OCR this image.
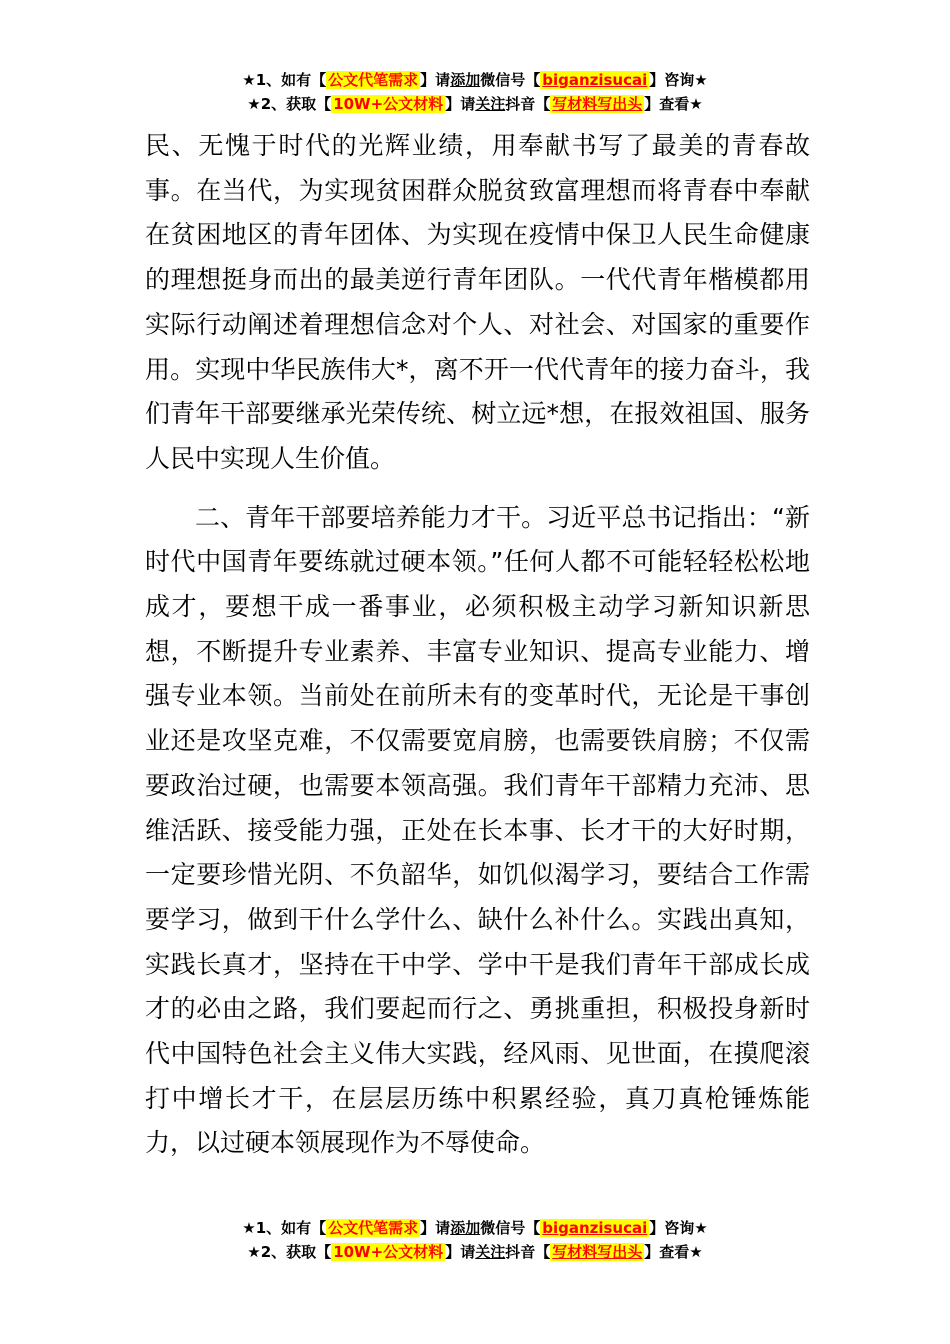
★1、如有【 公文代笔需求 】请添加微信号【 biganzisucai 】咨询★
★2、获取【 10W+公文材料 】请关注抖音【 写材料写出头 】查看★

民、无愧于时代的光辉业绩，用奉献书写了最美的青春故事。在当代，为实现贫困群众脱贫致富理想而将青春中奉献在贫困地区的青年团体、为实现在疫情中保卫人民生命健康的理想挺身而出的最美逆行青年团队。一代代青年楷模都用实际行动阐述着理想信念对个人、对社会、对国家的重要作用。实现中华民族伟大*，离不开一代代青年的接力奋斗，我们青年干部要继承光荣传统、树立远*想，在报效祖国、服务人民中实现人生价值。

二、青年干部要培养能力才干。习近平总书记指出：“新时代中国青年要练就过硬本领。”任何人都不可能轻轻松松地成才，要想干成一番事业，必须积极主动学习新知识新思想，不断提升专业素养、丰富专业知识、提高专业能力、增强专业本领。当前处在前所未有的变革时代，无论是干事创业还是攻坚克难，不仅需要宽肩膀，也需要铁肩膀；不仅需要政治过硬，也需要本领高强。我们青年干部精力充沛、思维活跃、接受能力强，正处在长本事、长才干的大好时期，一定要珍惜光阴、不负韶华，如饥似渴学习，要结合工作需要学习，做到干什么学什么、缺什么补什么。实践出真知，实践长真才，坚持在干中学、学中干是我们青年干部成长成才的必由之路，我们要起而行之、勇挑重担，积极投身新时代中国特色社会主义伟大实践，经风雨、见世面，在摸爬滚打中增长才干，在层层历练中积累经验，真刀真枪锤炼能力，以过硬本领展现作为不辱使命。

★1、如有【 公文代笔需求 】请添加微信号【 biganzisucai 】咨询★
★2、获取【 10W+公文材料 】请关注抖音【 写材料写出头 】查看★
